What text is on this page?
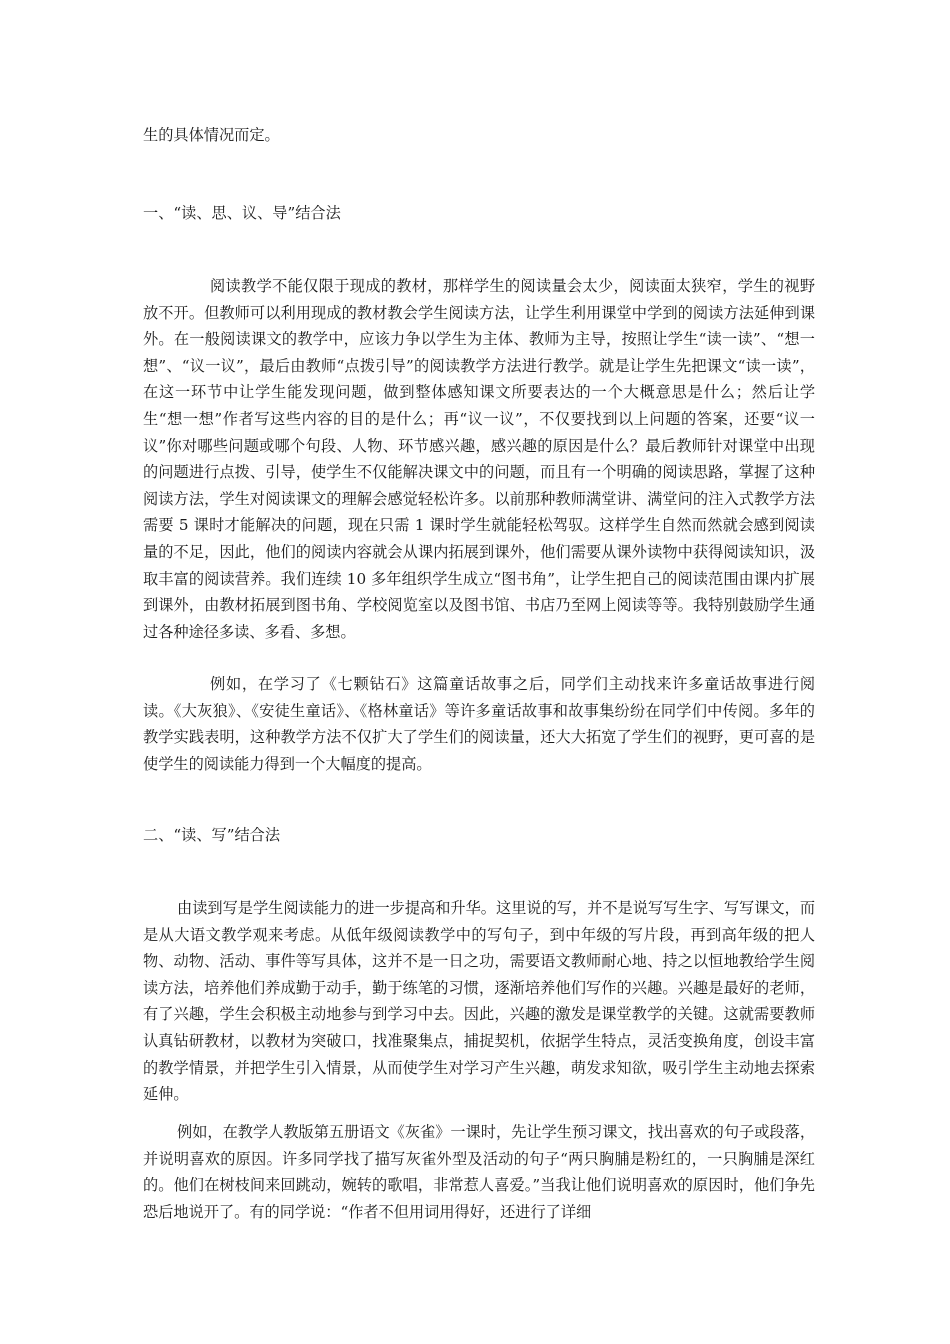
生的具体情况而定。

一、“读、思、议、导”结合法

阅读教学不能仅限于现成的教材，那样学生的阅读量会太少，阅读面太狭窄，学生的视野放不开。但教师可以利用现成的教材教会学生阅读方法，让学生利用课堂中学到的阅读方法延伸到课外。在一般阅读课文的教学中，应该力争以学生为主体、教师为主导，按照让学生“读一读”、“想一想”、“议一议”，最后由教师“点拨引导”的阅读教学方法进行教学。就是让学生先把课文“读一读”，在这一环节中让学生能发现问题，做到整体感知课文所要表达的一个大概意思是什么；然后让学生“想一想”作者写这些内容的目的是什么；再“议一议”，不仅要找到以上问题的答案，还要“议一议”你对哪些问题或哪个句段、人物、环节感兴趣，感兴趣的原因是什么？最后教师针对课堂中出现的问题进行点拨、引导，使学生不仅能解决课文中的问题，而且有一个明确的阅读思路，掌握了这种阅读方法，学生对阅读课文的理解会感觉轻松许多。以前那种教师满堂讲、满堂问的注入式教学方法需要 5 课时才能解决的问题，现在只需 1 课时学生就能轻松驾驭。这样学生自然而然就会感到阅读量的不足，因此，他们的阅读内容就会从课内拓展到课外，他们需要从课外读物中获得阅读知识，汲取丰富的阅读营养。我们连续 10 多年组织学生成立“图书角”，让学生把自己的阅读范围由课内扩展到课外，由教材拓展到图书角、学校阅览室以及图书馆、书店乃至网上阅读等等。我特别鼓励学生通过各种途径多读、多看、多想。

例如，在学习了《七颗钻石》这篇童话故事之后，同学们主动找来许多童话故事进行阅读。《大灰狼》、《安徒生童话》、《格林童话》等许多童话故事和故事集纷纷在同学们中传阅。多年的教学实践表明，这种教学方法不仅扩大了学生们的阅读量，还大大拓宽了学生们的视野，更可喜的是使学生的阅读能力得到一个大幅度的提高。

二、“读、写”结合法

由读到写是学生阅读能力的进一步提高和升华。这里说的写，并不是说写写生字、写写课文，而是从大语文教学观来考虑。从低年级阅读教学中的写句子，到中年级的写片段，再到高年级的把人物、动物、活动、事件等写具体，这并不是一日之功，需要语文教师耐心地、持之以恒地教给学生阅读方法，培养他们养成勤于动手，勤于练笔的习惯，逐渐培养他们写作的兴趣。兴趣是最好的老师，有了兴趣，学生会积极主动地参与到学习中去。因此，兴趣的激发是课堂教学的关键。这就需要教师认真钻研教材，以教材为突破口，找准聚集点，捕捉契机，依据学生特点，灵活变换角度，创设丰富的教学情景，并把学生引入情景，从而使学生对学习产生兴趣，萌发求知欲，吸引学生主动地去探索延伸。

例如，在教学人教版第五册语文《灰雀》一课时，先让学生预习课文，找出喜欢的句子或段落，并说明喜欢的原因。许多同学找了描写灰雀外型及活动的句子“两只胸脯是粉红的，一只胸脯是深红的。他们在树枝间来回跳动，婉转的歌唱，非常惹人喜爱。”当我让他们说明喜欢的原因时，他们争先恐后地说开了。有的同学说：“作者不但用词用得好，还进行了详细
